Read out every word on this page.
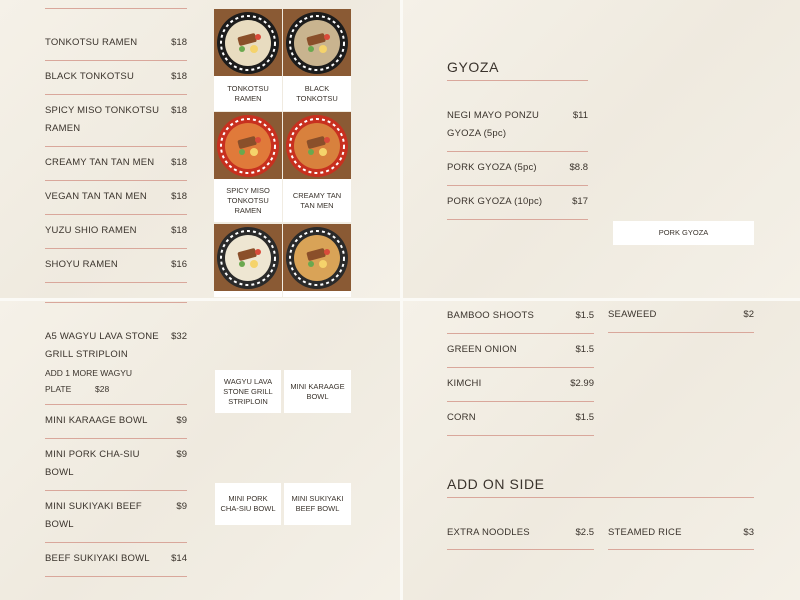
TONKOTSU RAMEN	$18
BLACK TONKOTSU	$18
SPICY MISO TONKOTSU
RAMEN
$18
CREAMY TAN TAN MEN	$18
VEGAN TAN TAN MEN	$18
YUZU SHIO RAMEN	$18
SHOYU RAMEN	$16
TONKOTSU RAMEN
BLACK TONKOTSU
SPICY MISO TONKOTSU RAMEN
CREAMY TAN TAN MEN
GYOZA
NEGI MAYO PONZU
GYOZA (5pc)
$11
PORK GYOZA (5pc)	$8.8
PORK GYOZA (10pc)	$17
PORK GYOZA
A5 WAGYU LAVA STONE
GRILL STRIPLOIN
$32
ADD 1 MORE WAGYU
PLATE	$28
MINI KARAAGE BOWL	$9
MINI PORK CHA-SIU
BOWL
$9
MINI SUKIYAKI BEEF
BOWL
$9
BEEF SUKIYAKI BOWL	$14
WAGYU LAVA STONE GRILL STRIPLOIN
MINI KARAAGE BOWL
MINI PORK CHA-SIU BOWL
MINI SUKIYAKI BEEF BOWL
BAMBOO SHOOTS	$1.5
GREEN ONION	$1.5
KIMCHI	$2.99
CORN	$1.5
SEAWEED	$2
ADD ON SIDE
EXTRA NOODLES	$2.5 STEAMED RICE	$3
